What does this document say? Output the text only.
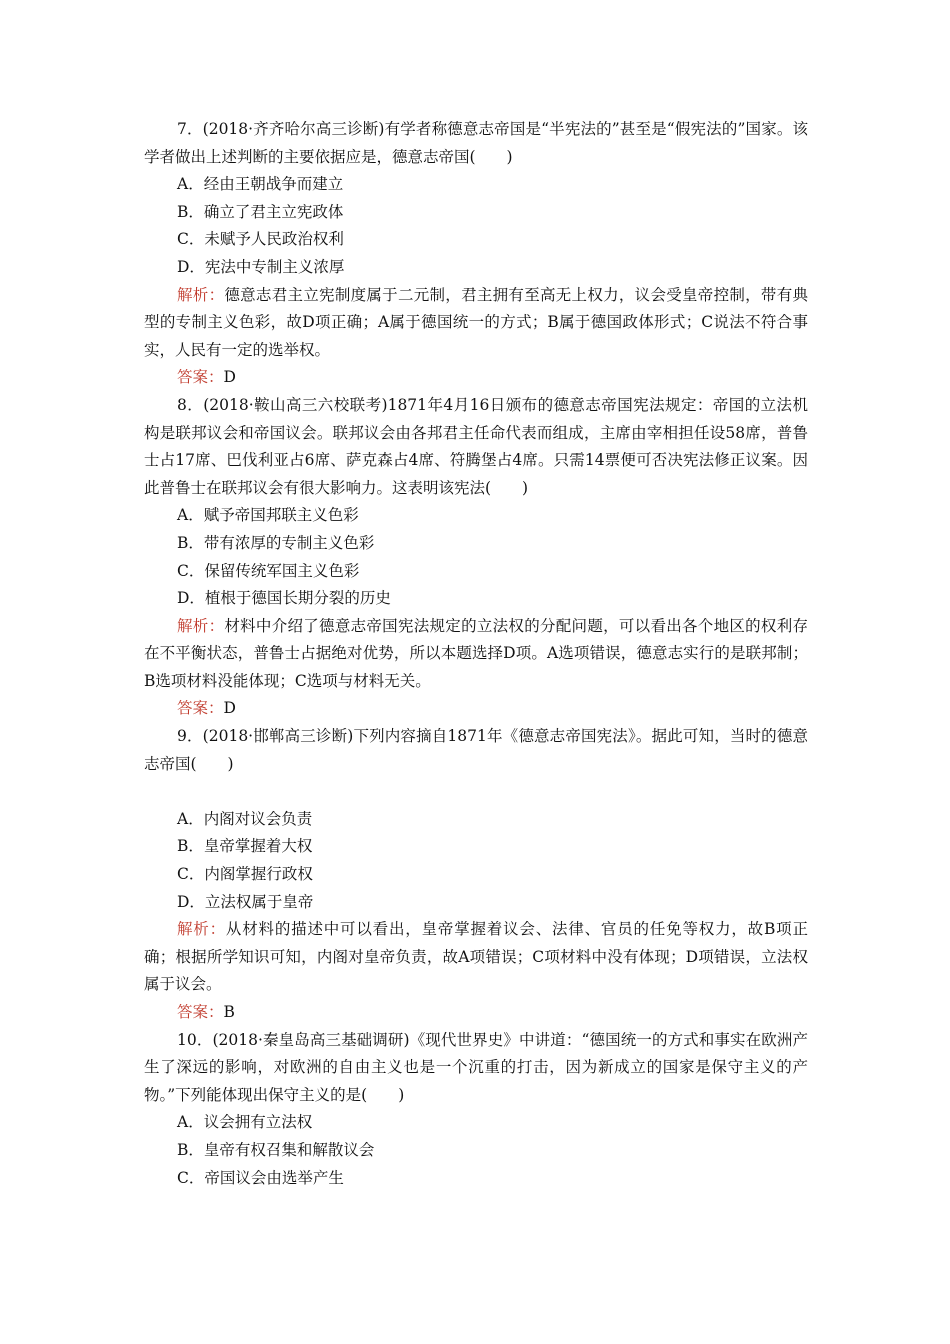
7．(2018·齐齐哈尔高三诊断)有学者称德意志帝国是“半宪法的”甚至是“假宪法的”国家。该学者做出上述判断的主要依据应是，德意志帝国(　　)

A．经由王朝战争而建立

B．确立了君主立宪政体

C．未赋予人民政治权利

D．宪法中专制主义浓厚

解析：德意志君主立宪制度属于二元制，君主拥有至高无上权力，议会受皇帝控制，带有典型的专制主义色彩，故D项正确；A属于德国统一的方式；B属于德国政体形式；C说法不符合事实，人民有一定的选举权。

答案：D

8．(2018·鞍山高三六校联考)1871年4月16日颁布的德意志帝国宪法规定：帝国的立法机构是联邦议会和帝国议会。联邦议会由各邦君主任命代表而组成，主席由宰相担任设58席，普鲁士占17席、巴伐利亚占6席、萨克森占4席、符腾堡占4席。只需14票便可否决宪法修正议案。因此普鲁士在联邦议会有很大影响力。这表明该宪法(　　)

A．赋予帝国邦联主义色彩

B．带有浓厚的专制主义色彩

C．保留传统军国主义色彩

D．植根于德国长期分裂的历史

解析：材料中介绍了德意志帝国宪法规定的立法权的分配问题，可以看出各个地区的权利存在不平衡状态，普鲁士占据绝对优势，所以本题选择D项。A选项错误，德意志实行的是联邦制；B选项材料没能体现；C选项与材料无关。

答案：D

9．(2018·邯郸高三诊断)下列内容摘自1871年《德意志帝国宪法》。据此可知，当时的德意志帝国(　　)

A．内阁对议会负责

B．皇帝掌握着大权

C．内阁掌握行政权

D．立法权属于皇帝

解析：从材料的描述中可以看出，皇帝掌握着议会、法律、官员的任免等权力，故B项正确；根据所学知识可知，内阁对皇帝负责，故A项错误；C项材料中没有体现；D项错误，立法权属于议会。

答案：B

10．(2018·秦皇岛高三基础调研)《现代世界史》中讲道：“德国统一的方式和事实在欧洲产生了深远的影响，对欧洲的自由主义也是一个沉重的打击，因为新成立的国家是保守主义的产物。”下列能体现出保守主义的是(　　)

A．议会拥有立法权

B．皇帝有权召集和解散议会

C．帝国议会由选举产生
